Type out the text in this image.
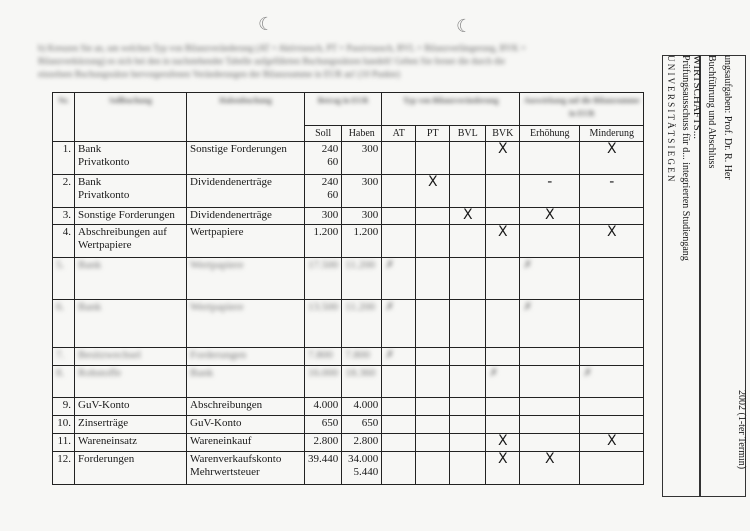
b) Kreuzen Sie an, um welchen Typ von Bilanzveränderung (AT = Aktivtausch, PT = Passivtausch, BVL = Bilanzverlängerung, BVK =
Bilanzverkürzung) es sich bei den in nachstehender Tabelle aufgeführten Buchungssätzen handelt! Geben Sie ferner die durch die
einzelnen Buchungssätze hervorgerufenen Veränderungen der Bilanzsumme in EUR an! (10 Punkte)
Nr.	Sollbuchung	Habenbuchung	Betrag in EUR		Typ von Bilanzveränderung				Auswirkung auf die Bilanzsumme in EUR	
			Soll	Haben	AT	PT	BVL	BVK	Erhöhung	Minderung
1.	Bank
Privatkonto	Sonstige Forderungen	240
60	300				X		X
2.	Bank
Privatkonto	Dividendenerträge	240
60	300		X			-	-
3.	Sonstige Forderungen	Dividendenerträge	300	300			X		X	
4.	Abschreibungen auf
Wertpapiere	Wertpapiere	1.200	1.200				X		X
5.	Bank	Wertpapiere	17.500	11.200	✗				✗	
6.	Bank	Wertpapiere	13.500	11.200	✗				✗	
7.	Besitzwechsel	Forderungen	7.800	7.800	✗					
8.	Rohstoffe	Bank	16.000	18.360				✗		✗
9.	GuV-Konto	Abschreibungen	4.000	4.000						
10.	Zinserträge	GuV-Konto	650	650						
11.	Wareneinsatz	Wareneinkauf	2.800	2.800				X		X
12.	Forderungen	Warenverkaufskonto
Mehrwertsteuer	39.440	34.000
5.440				X	X	
U N I V E R S I T Ä T S I E G E N Prüfungsausschuss für d... integrierten Studiengang WIRTSCHAFTS... Buchführung und Abschluss ungsaufgaben: Prof. Dr. R. Her
2002 (1-ter Termin)
☾	☾
